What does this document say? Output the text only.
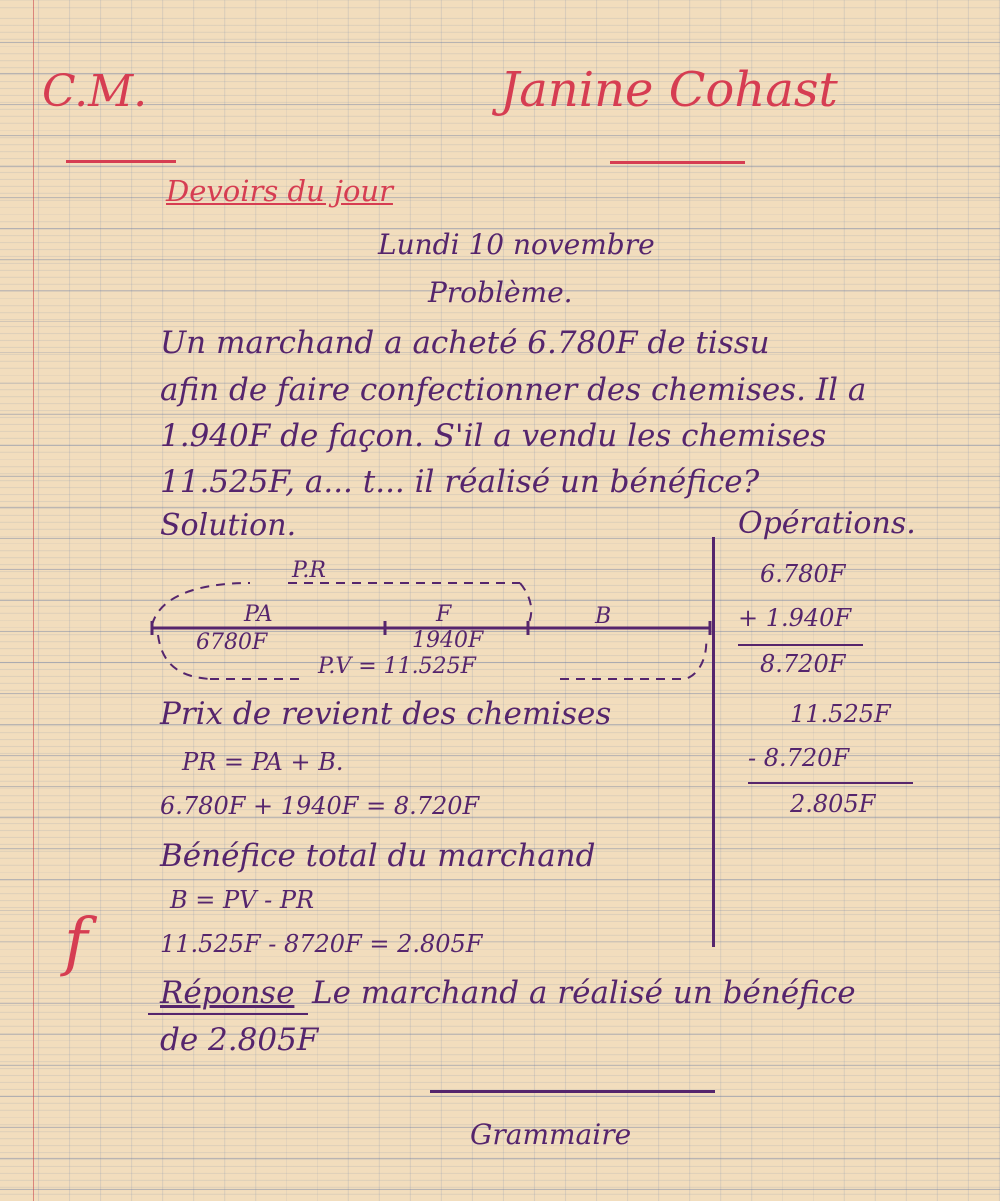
C.M.	Janine Cohast
Devoirs du jour
Lundi 10 novembre
Problème.
Un marchand a acheté 6.780F de tissu
afin de faire confectionner des chemises. Il a
1.940F de façon. S'il a vendu les chemises
11.525F, a... t... il réalisé un bénéfice?
Solution.	Opérations.
P.R
PA	F	B
6780F	1940F
P.V = 11.525F
Prix de revient des chemises
PR = PA + B.
6.780F + 1940F = 8.720F
Bénéfice total du marchand
B = PV - PR
11.525F - 8720F = 2.805F
f
Réponse Le marchand a réalisé un bénéfice
de 2.805F
6.780F
+ 1.940F
8.720F
11.525F
- 8.720F
2.805F
Grammaire
